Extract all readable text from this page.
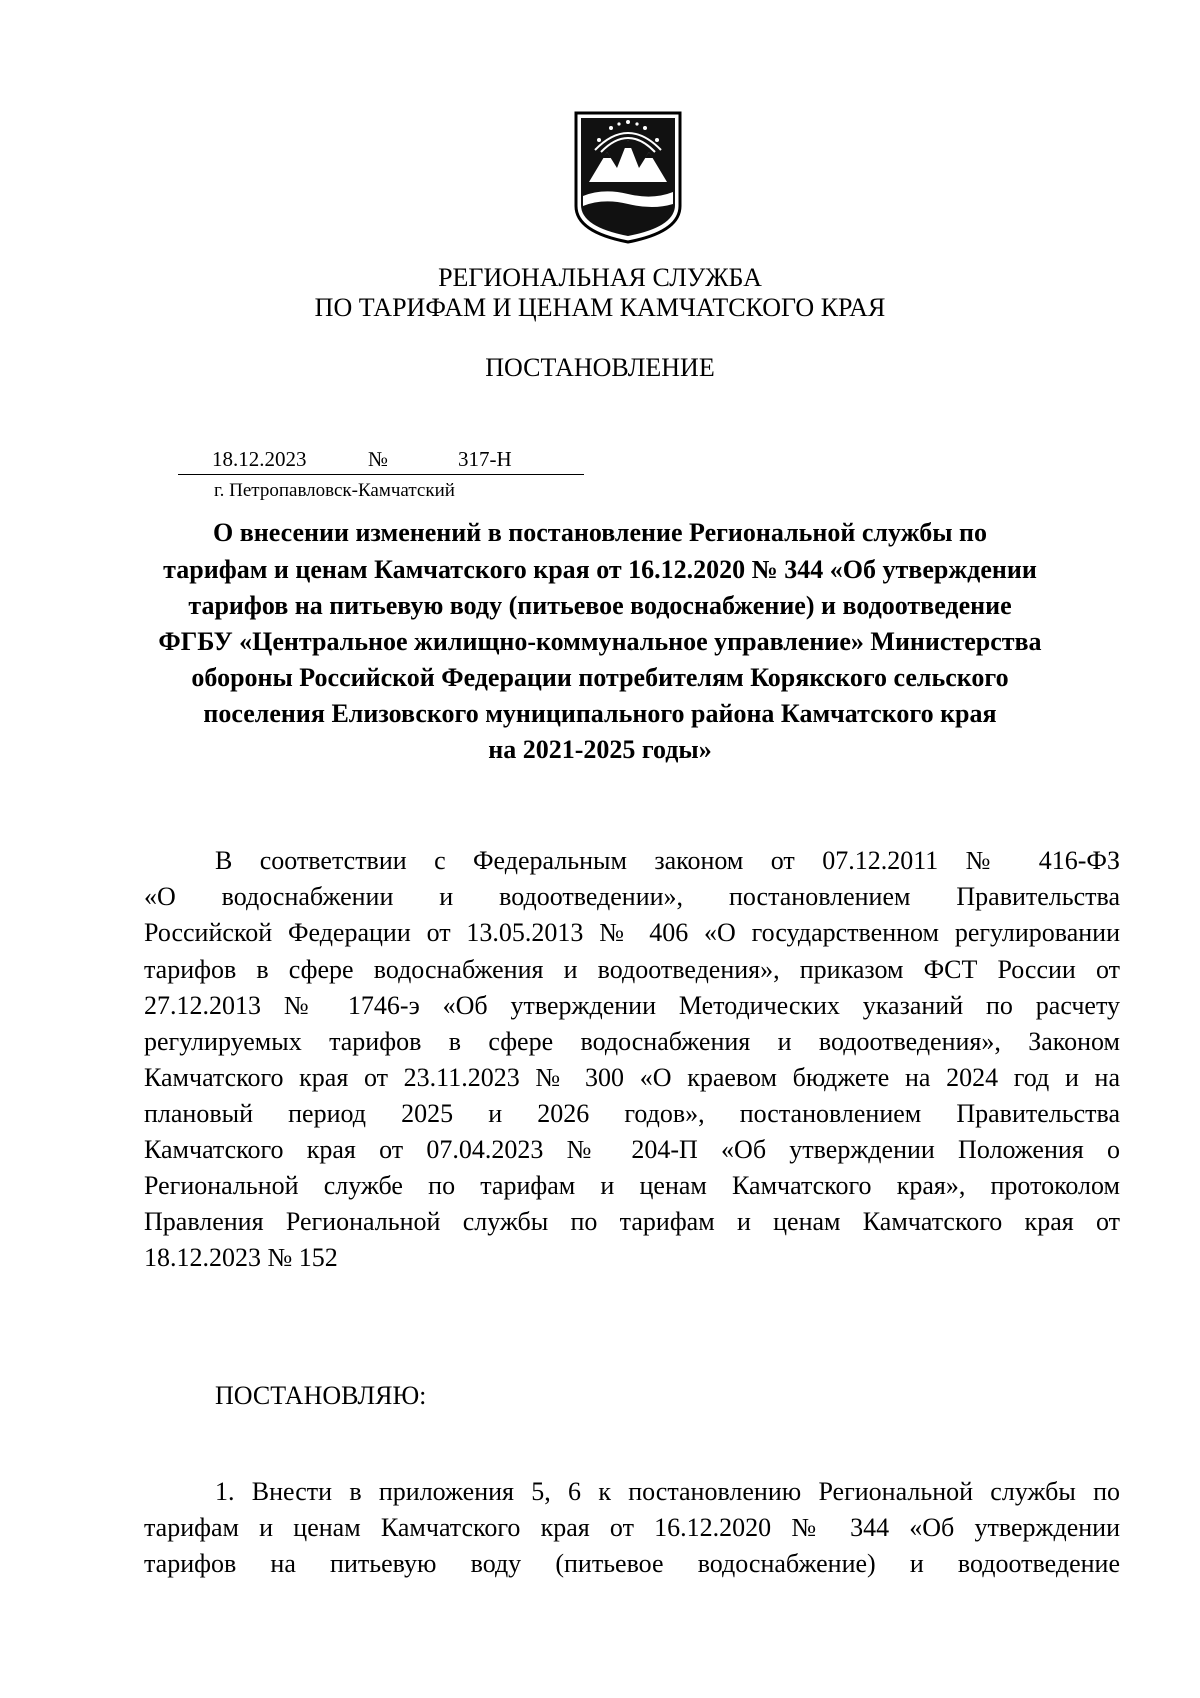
РЕГИОНАЛЬНАЯ СЛУЖБА
ПО ТАРИФАМ И ЦЕНАМ КАМЧАТСКОГО КРАЯ
ПОСТАНОВЛЕНИЕ
18.12.2023	№	317-Н
г. Петропавловск-Камчатский
О внесении изменений в постановление Региональной службы по
тарифам и ценам Камчатского края от 16.12.2020 № 344 «Об утверждении
тарифов на питьевую воду (питьевое водоснабжение) и водоотведение
ФГБУ «Центральное жилищно-коммунальное управление» Министерства
обороны Российской Федерации потребителям Корякского сельского
поселения Елизовского муниципального района Камчатского края
на 2021-2025 годы»
В соответствии с Федеральным законом от 07.12.2011 № 416-ФЗ
«О водоснабжении и водоотведении», постановлением Правительства
Российской Федерации от 13.05.2013 № 406 «О государственном регулировании
тарифов в сфере водоснабжения и водоотведения», приказом ФСТ России от
27.12.2013 № 1746-э «Об утверждении Методических указаний по расчету
регулируемых тарифов в сфере водоснабжения и водоотведения», Законом
Камчатского края от 23.11.2023 № 300 «О краевом бюджете на 2024 год и на
плановый период 2025 и 2026 годов», постановлением Правительства
Камчатского края от 07.04.2023 № 204-П «Об утверждении Положения о
Региональной службе по тарифам и ценам Камчатского края», протоколом
Правления Региональной службы по тарифам и ценам Камчатского края от
18.12.2023 № 152
ПОСТАНОВЛЯЮ:
1. Внести в приложения 5, 6 к постановлению Региональной службы по
тарифам и ценам Камчатского края от 16.12.2020 № 344 «Об утверждении
тарифов на питьевую воду (питьевое водоснабжение) и водоотведение
